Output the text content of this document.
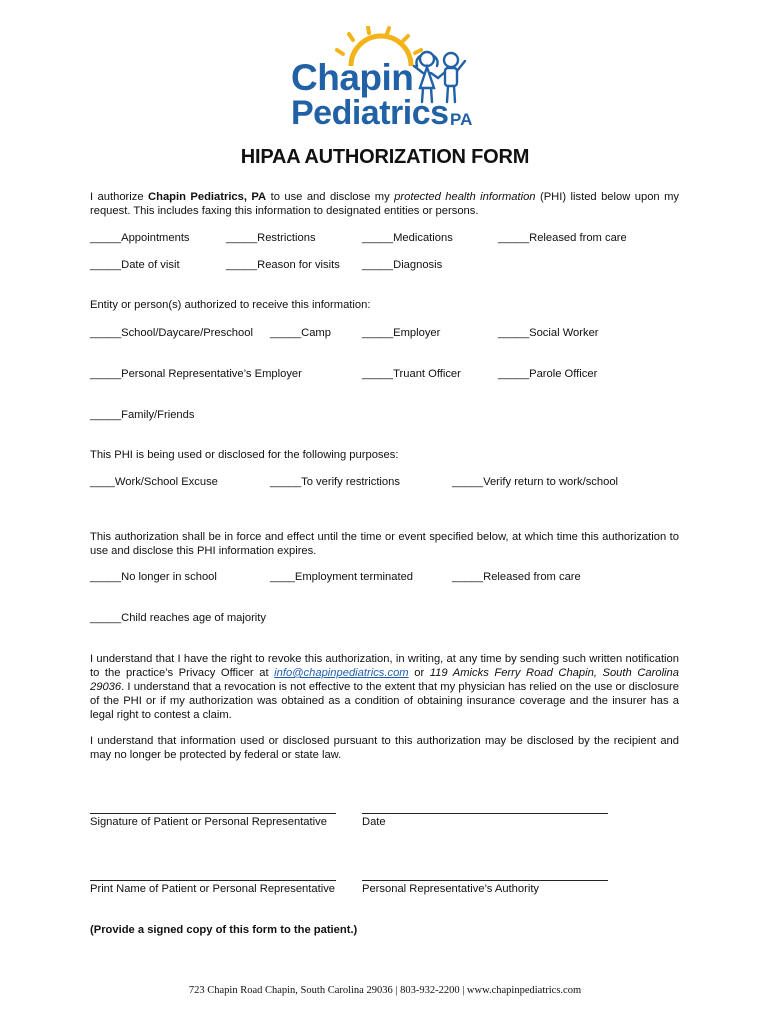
Chapin
Pediatrics PA
HIPAA AUTHORIZATION FORM
I authorize Chapin Pediatrics, PA to use and disclose my protected health information (PHI) listed below upon my request. This includes faxing this information to designated entities or persons.
_____Appointments	_____Restrictions	_____Medications	_____Released from care
_____Date of visit	_____Reason for visits _____Diagnosis
Entity or person(s) authorized to receive this information:
_____School/Daycare/Preschool _____Camp	_____Employer	_____Social Worker
_____Personal Representative’s Employer	_____Truant Officer	_____Parole Officer
_____Family/Friends
This PHI is being used or disclosed for the following purposes:
____Work/School Excuse	_____To verify restrictions	_____Verify return to work/school
This authorization shall be in force and effect until the time or event specified below, at which time this authorization to use and disclose this PHI information expires.
_____No longer in school	____Employment terminated	_____Released from care
_____Child reaches age of majority
I understand that I have the right to revoke this authorization, in writing, at any time by sending such written notification to the practice’s Privacy Officer at info@chapinpediatrics.com or 119 Amicks Ferry Road Chapin, South Carolina 29036. I understand that a revocation is not effective to the extent that my physician has relied on the use or disclosure of the PHI or if my authorization was obtained as a condition of obtaining insurance coverage and the insurer has a legal right to contest a claim.
I understand that information used or disclosed pursuant to this authorization may be disclosed by the recipient and may no longer be protected by federal or state law.
Signature of Patient or Personal Representative	Date
Print Name of Patient or Personal Representative Personal Representative’s Authority
(Provide a signed copy of this form to the patient.)
723 Chapin Road Chapin, South Carolina 29036 | 803-932-2200 | www.chapinpediatrics.com
